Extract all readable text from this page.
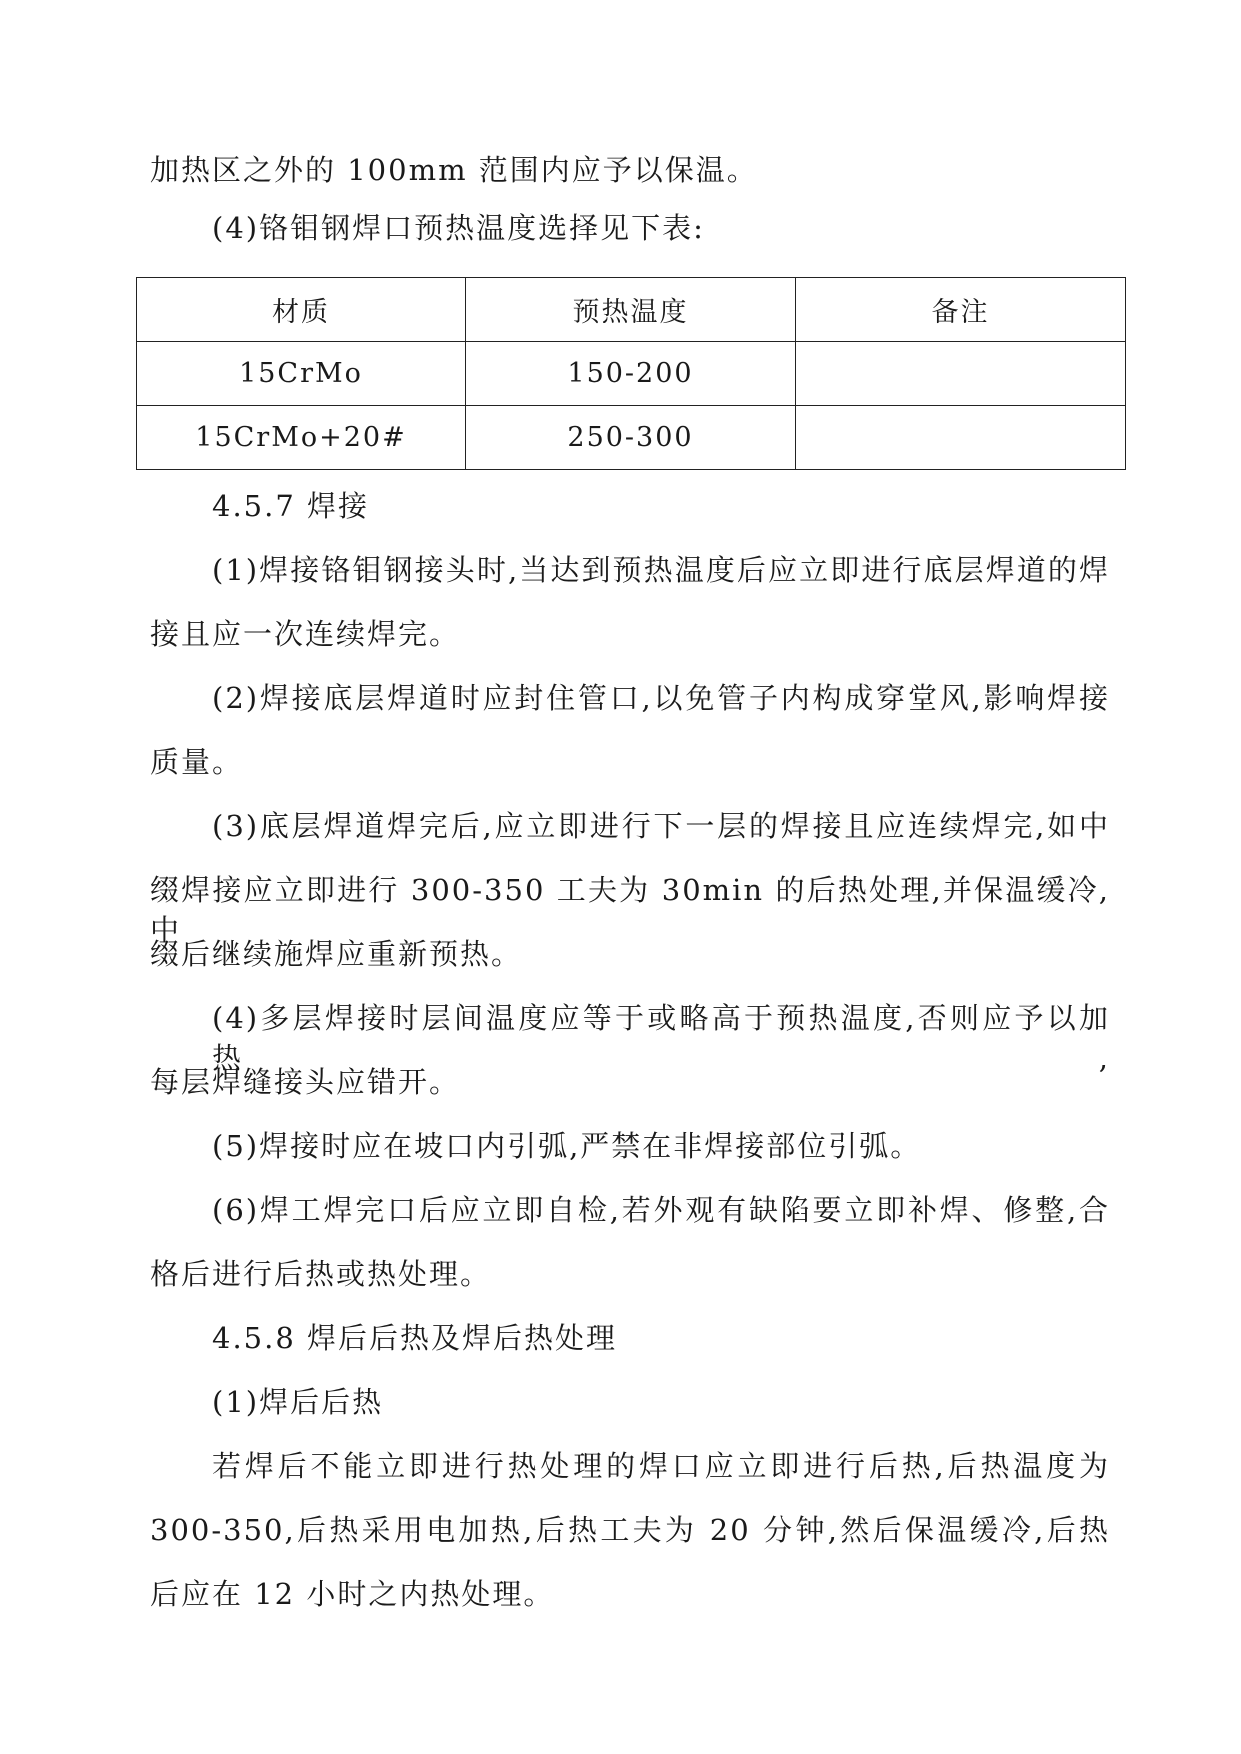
加热区之外的 100mm 范围内应予以保温。
(4)铬钼钢焊口预热温度选择见下表:
材质	预热温度	备注
15CrMo	150-200	
15CrMo+20#	250-300	
4.5.7 焊接
(1)焊接铬钼钢接头时,当达到预热温度后应立即进行底层焊道的焊
接且应一次连续焊完。
(2)焊接底层焊道时应封住管口,以免管子内构成穿堂风,影响焊接
质量。
(3)底层焊道焊完后,应立即进行下一层的焊接且应连续焊完,如中
缀焊接应立即进行 300-350 工夫为 30min 的后热处理,并保温缓冷,中
缀后继续施焊应重新预热。
(4)多层焊接时层间温度应等于或略高于预热温度,否则应予以加热,
每层焊缝接头应错开。
(5)焊接时应在坡口内引弧,严禁在非焊接部位引弧。
(6)焊工焊完口后应立即自检,若外观有缺陷要立即补焊、修整,合
格后进行后热或热处理。
4.5.8 焊后后热及焊后热处理
(1)焊后后热
若焊后不能立即进行热处理的焊口应立即进行后热,后热温度为
300-350,后热采用电加热,后热工夫为 20 分钟,然后保温缓冷,后热
后应在 12 小时之内热处理。
